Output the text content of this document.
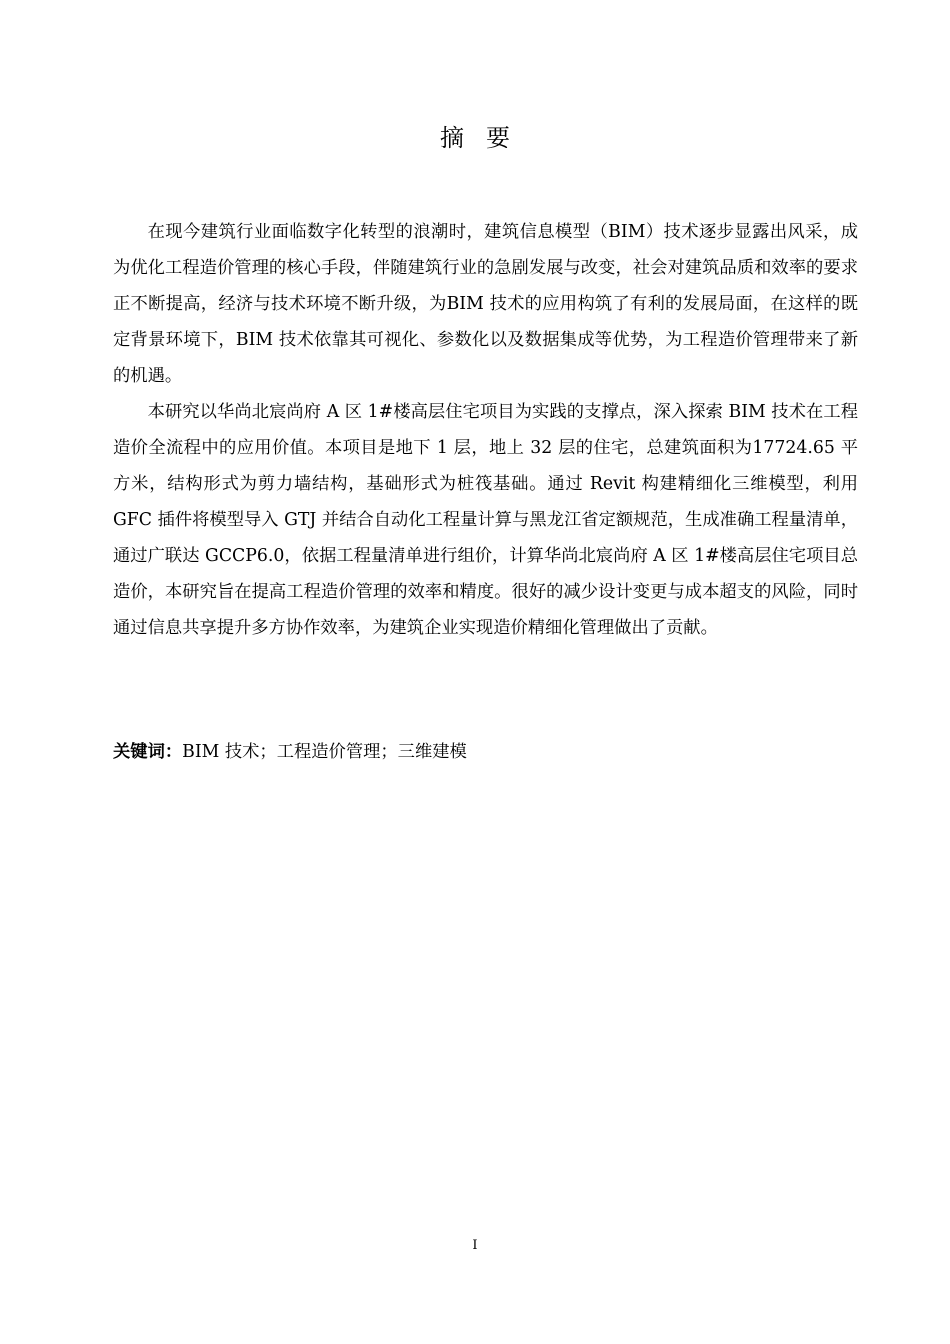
摘 要

在现今建筑行业面临数字化转型的浪潮时，建筑信息模型（BIM）技术逐步显露出风采，成为优化工程造价管理的核心手段，伴随建筑行业的急剧发展与改变，社会对建筑品质和效率的要求正不断提高，经济与技术环境不断升级，为BIM 技术的应用构筑了有利的发展局面，在这样的既定背景环境下，BIM 技术依靠其可视化、参数化以及数据集成等优势，为工程造价管理带来了新的机遇。

本研究以华尚北宸尚府 A 区 1#楼高层住宅项目为实践的支撑点，深入探索 BIM 技术在工程造价全流程中的应用价值。本项目是地下 1 层，地上 32 层的住宅，总建筑面积为17724.65 平方米，结构形式为剪力墙结构，基础形式为桩筏基础。通过 Revit 构建精细化三维模型，利用 GFC 插件将模型导入 GTJ 并结合自动化工程量计算与黑龙江省定额规范，生成准确工程量清单，通过广联达 GCCP6.0，依据工程量清单进行组价，计算华尚北宸尚府 A 区 1#楼高层住宅项目总造价，本研究旨在提高工程造价管理的效率和精度。很好的减少设计变更与成本超支的风险，同时通过信息共享提升多方协作效率，为建筑企业实现造价精细化管理做出了贡献。

关键词：BIM 技术；工程造价管理；三维建模

I
